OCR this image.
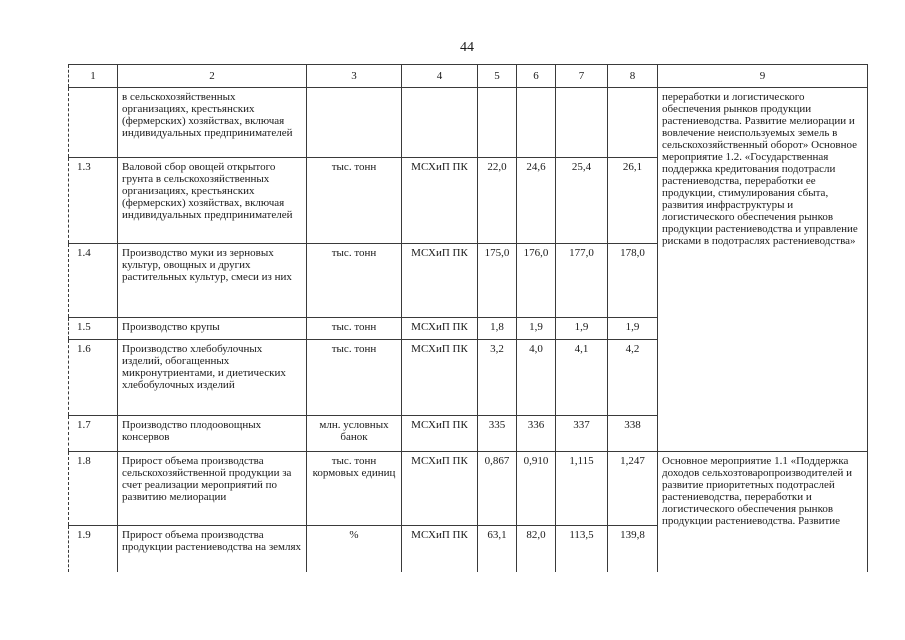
44
1	2	3	4	5	6	7	8	9
	в сельскохозяйственных организациях, крестьянских (фермерских) хозяйствах, включая индивидуальных предпринимателей							переработки и логистического обеспечения рынков продукции растениеводства. Развитие мелиорации и вовлечение неиспользуемых земель в сельскохозяйственный оборот» Основное мероприятие 1.2. «Государственная поддержка кредитования подотрасли растениеводства, переработки ее продукции, стимулирования сбыта, развития инфраструктуры и логистического обеспечения рынков продукции растениеводства и управление рисками в подотраслях растениеводства»
1.3	Валовой сбор овощей открытого грунта в сельскохозяйственных организациях, крестьянских (фермерских) хозяйствах, включая индивидуальных предпринимателей	тыс. тонн	МСХиП ПК	22,0	24,6	25,4	26,1	
1.4	Производство муки из зерновых культур, овощных и других растительных культур, смеси из них	тыс. тонн	МСХиП ПК	175,0	176,0	177,0	178,0	
1.5	Производство крупы	тыс. тонн	МСХиП ПК	1,8	1,9	1,9	1,9	
1.6	Производство хлебобулочных изделий, обогащенных микронутриентами, и диетических хлебобулочных изделий	тыс. тонн	МСХиП ПК	3,2	4,0	4,1	4,2	
1.7	Производство плодоовощных консервов	млн. условных банок	МСХиП ПК	335	336	337	338	
1.8	Прирост объема производства сельскохозяйственной продукции за счет реализации мероприятий по развитию мелиорации	тыс. тонн кормовых единиц	МСХиП ПК	0,867	0,910	1,115	1,247	Основное мероприятие 1.1 «Поддержка доходов сельхозтоваропроизводителей и развитие приоритетных подотраслей растениеводства, переработки и логистического обеспечения рынков продукции растениеводства. Развитие
1.9	Прирост объема производства продукции растениеводства на землях	%	МСХиП ПК	63,1	82,0	113,5	139,8	
